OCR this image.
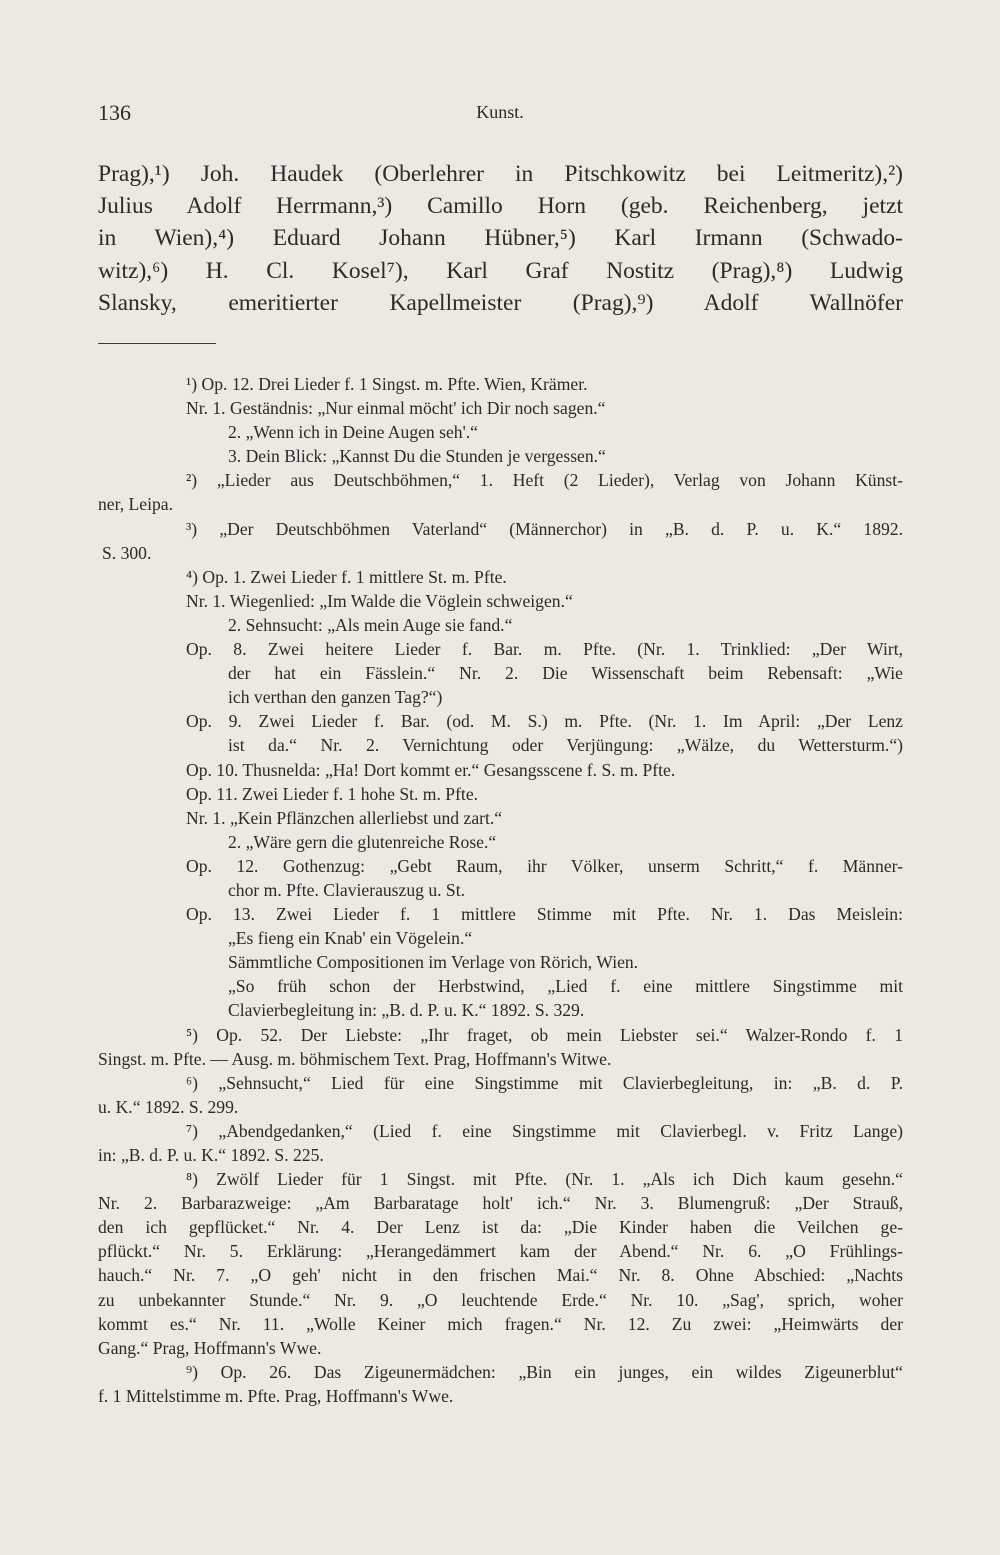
136	Kunst.
Prag),¹) Joh. Haudek (Oberlehrer in Pitschkowitz bei Leitmeritz),²)
Julius Adolf Herrmann,³) Camillo Horn (geb. Reichenberg, jetzt
in Wien),⁴) Eduard Johann Hübner,⁵) Karl Irmann (Schwado-
witz),⁶) H. Cl. Kosel⁷), Karl Graf Nostitz (Prag),⁸) Ludwig
Slansky, emeritierter Kapellmeister (Prag),⁹) Adolf Wallnöfer
¹) Op. 12. Drei Lieder f. 1 Singst. m. Pfte. Wien, Krämer.
Nr. 1. Geständnis: „Nur einmal möcht' ich Dir noch sagen.“
2. „Wenn ich in Deine Augen seh'.“
3. Dein Blick: „Kannst Du die Stunden je vergessen.“
²) „Lieder aus Deutschböhmen,“ 1. Heft (2 Lieder), Verlag von Johann Künst-
ner, Leipa.
³) „Der Deutschböhmen Vaterland“ (Männerchor) in „B. d. P. u. K.“ 1892.
S. 300.
⁴) Op. 1. Zwei Lieder f. 1 mittlere St. m. Pfte.
Nr. 1. Wiegenlied: „Im Walde die Vöglein schweigen.“
2. Sehnsucht: „Als mein Auge sie fand.“
Op. 8. Zwei heitere Lieder f. Bar. m. Pfte. (Nr. 1. Trinklied: „Der Wirt,
der hat ein Fässlein.“ Nr. 2. Die Wissenschaft beim Rebensaft: „Wie
ich verthan den ganzen Tag?“)
Op. 9. Zwei Lieder f. Bar. (od. M. S.) m. Pfte. (Nr. 1. Im April: „Der Lenz
ist da.“ Nr. 2. Vernichtung oder Verjüngung: „Wälze, du Wettersturm.“)
Op. 10. Thusnelda: „Ha! Dort kommt er.“ Gesangsscene f. S. m. Pfte.
Op. 11. Zwei Lieder f. 1 hohe St. m. Pfte.
Nr. 1. „Kein Pflänzchen allerliebst und zart.“
2. „Wäre gern die glutenreiche Rose.“
Op. 12. Gothenzug: „Gebt Raum, ihr Völker, unserm Schritt,“ f. Männer-
chor m. Pfte. Clavierauszug u. St.
Op. 13. Zwei Lieder f. 1 mittlere Stimme mit Pfte. Nr. 1. Das Meislein:
„Es fieng ein Knab' ein Vögelein.“
Sämmtliche Compositionen im Verlage von Rörich, Wien.
„So früh schon der Herbstwind, „Lied f. eine mittlere Singstimme mit
Clavierbegleitung in: „B. d. P. u. K.“ 1892. S. 329.
⁵) Op. 52. Der Liebste: „Ihr fraget, ob mein Liebster sei.“ Walzer-Rondo f. 1
Singst. m. Pfte. — Ausg. m. böhmischem Text. Prag, Hoffmann's Witwe.
⁶) „Sehnsucht,“ Lied für eine Singstimme mit Clavierbegleitung, in: „B. d. P.
u. K.“ 1892. S. 299.
⁷) „Abendgedanken,“ (Lied f. eine Singstimme mit Clavierbegl. v. Fritz Lange)
in: „B. d. P. u. K.“ 1892. S. 225.
⁸) Zwölf Lieder für 1 Singst. mit Pfte. (Nr. 1. „Als ich Dich kaum gesehn.“
Nr. 2. Barbarazweige: „Am Barbaratage holt' ich.“ Nr. 3. Blumengruß: „Der Strauß,
den ich gepflücket.“ Nr. 4. Der Lenz ist da: „Die Kinder haben die Veilchen ge-
pflückt.“ Nr. 5. Erklärung: „Herangedämmert kam der Abend.“ Nr. 6. „O Frühlings-
hauch.“ Nr. 7. „O geh' nicht in den frischen Mai.“ Nr. 8. Ohne Abschied: „Nachts
zu unbekannter Stunde.“ Nr. 9. „O leuchtende Erde.“ Nr. 10. „Sag', sprich, woher
kommt es.“ Nr. 11. „Wolle Keiner mich fragen.“ Nr. 12. Zu zwei: „Heimwärts der
Gang.“ Prag, Hoffmann's Wwe.
⁹) Op. 26. Das Zigeunermädchen: „Bin ein junges, ein wildes Zigeunerblut“
f. 1 Mittelstimme m. Pfte. Prag, Hoffmann's Wwe.
